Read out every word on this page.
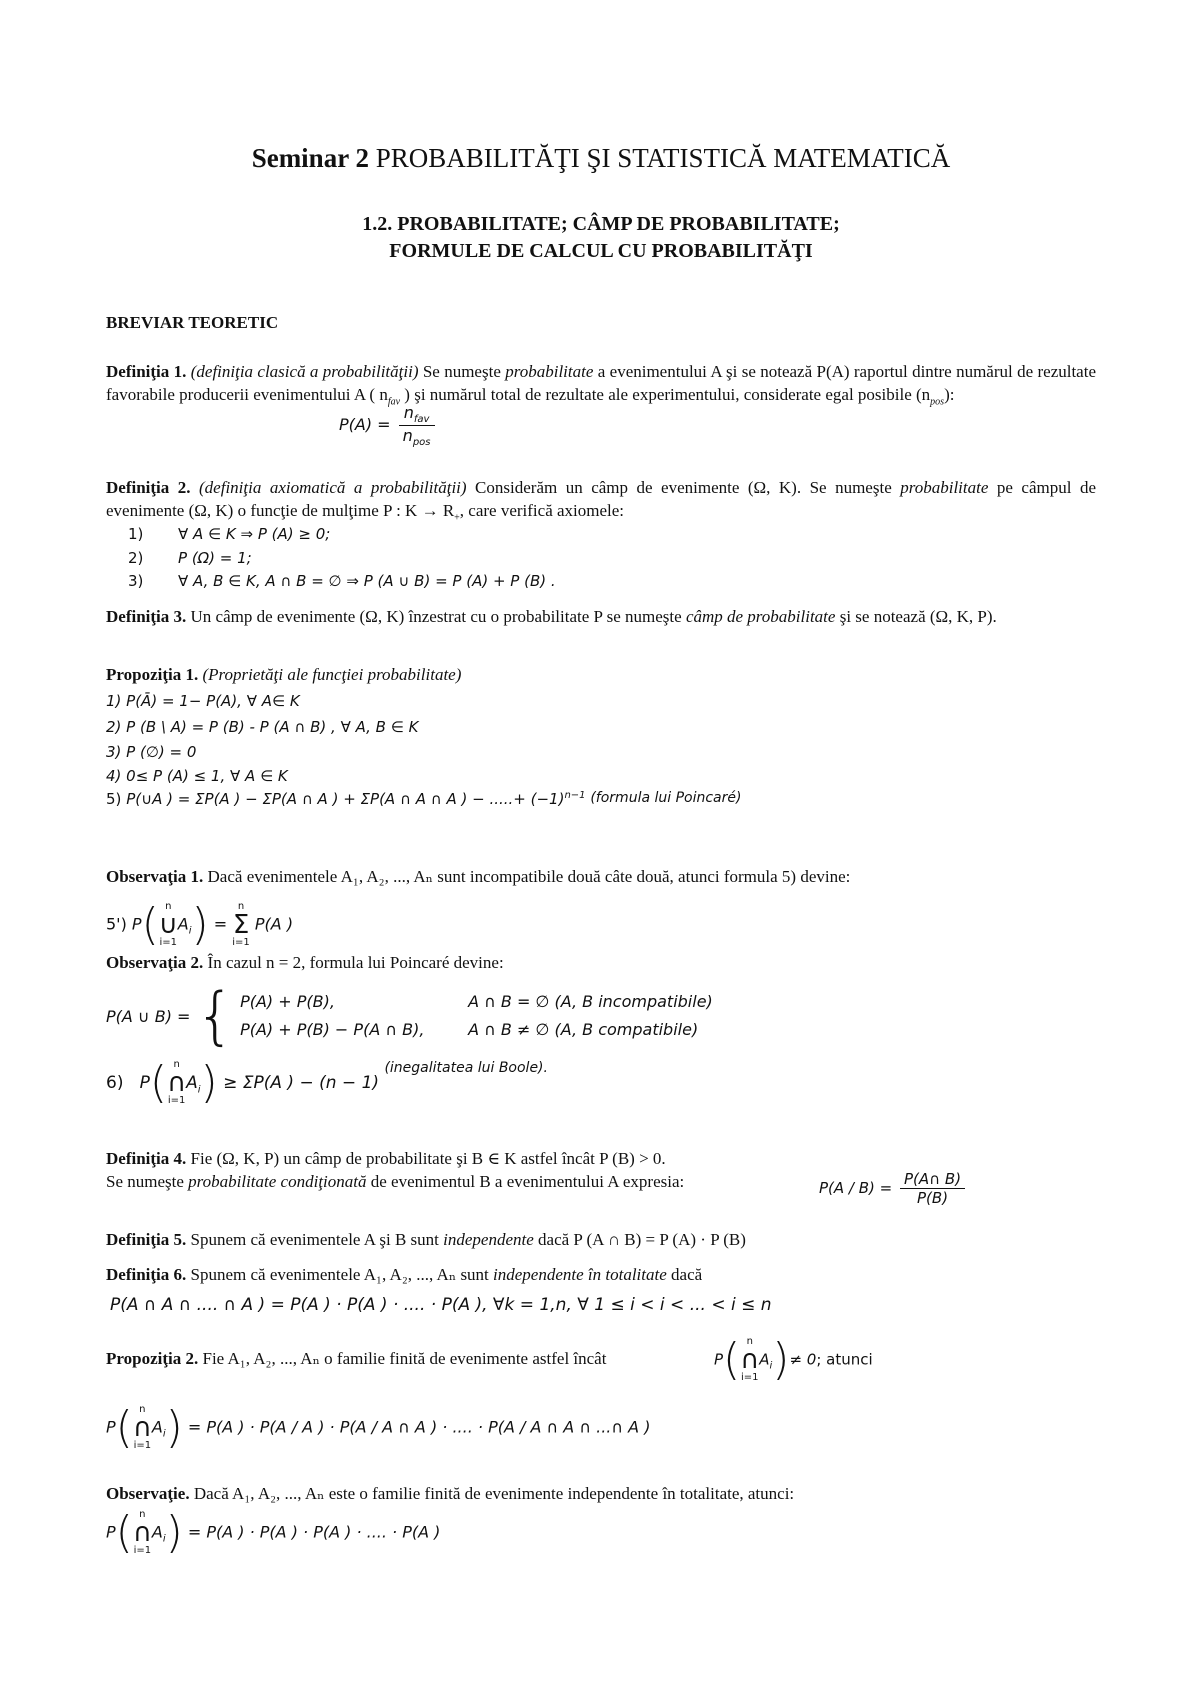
Seminar 2 PROBABILITĂŢI ŞI STATISTICĂ MATEMATICĂ
1.2. PROBABILITATE; CÂMP DE PROBABILITATE;
FORMULE DE CALCUL CU PROBABILITĂŢI
BREVIAR TEORETIC
Definiţia 1. (definiţia clasică a probabilităţii) Se numeşte probabilitate a evenimentului A şi se notează P(A) raportul dintre numărul de rezultate favorabile producerii evenimentului A ( $n_{fav}$ ) şi numărul total de rezultate ale experimentului, considerate egal posibile $(n_{pos})$:
$P(A) = \frac{n_{fav}}{n_{pos}}$
Definiţia 2. (definiţia axiomatică a probabilităţii) Considerăm un câmp de evenimente (Ω, K). Se numeşte probabilitate pe câmpul de evenimente (Ω, K) o funcţie de mulţime P : $K \to R_+$, care verifică axiomele:
1) ∀ A ∈ K ⇒ P (A) ≥ 0;
2) P (Ω) = 1;
3) ∀ A, B ∈ K, A ∩ B = ∅ ⇒ P (A ∪ B) = P (A) + P (B) .
Definiţia 3. Un câmp de evenimente (Ω, K) înzestrat cu o probabilitate P se numeşte câmp de probabilitate şi se notează (Ω, K, P).
Propoziţia 1. (Proprietăţi ale funcţiei probabilitate)
1) P(Ā) = 1− P(A), ∀ A∈ K
2) P (B \ A) = P (B) - P (A ∩ B) , ∀ A, B ∈ K
3) P (∅) = 0
4) 0≤ P (A) ≤ 1, ∀ A ∈ K
5) P(∪A ) = ΣP(A ) − ΣP(A ∩ A ) + ΣP(A ∩ A ∩ A ) − .....+ $(-1)^{n-1}$ (formula lui Poincaré)
Observaţia 1. Dacă evenimentele A₁, A₂, ..., Aₙ sunt incompatibile două câte două, atunci formula 5) devine:
5') P( n
∪
i=1
$A_i$) =
n
Σ
i=1
P(A )
Observaţia 2. În cazul n = 2, formula lui Poincaré devine:
P(A ∪ B) = { P(A) + P(B),	A ∩ B = ∅ (A, B incompatibile)
P(A) + P(B) − P(A ∩ B),	A ∩ B ≠ ∅ (A, B compatibile)
6)   P( n
∩
i=1
$A_i) \ge \Sigma P(A$ ) − (n − 1) $^{(inegalitatea lui Boole).}$
Definiţia 4. Fie (Ω, K, P) un câmp de probabilitate şi B ∈ K astfel încât P (B) > 0.
Se numeşte probabilitate condiţionată de evenimentul B a evenimentului A expresia:	$P(A / B) = \frac{P(A\cap B)}{P(B)}$
Definiţia 5. Spunem că evenimentele A şi B sunt independente dacă P (A ∩ B) = P (A) · P (B)
Definiţia 6. Spunem că evenimentele A₁, A₂, ..., Aₙ sunt independente în totalitate dacă
P(A ∩ A ∩ .... ∩ A ) = P(A ) · P(A ) · .... · P(A ), ∀k = 1,n, ∀ 1 ≤ i < i < ... < i ≤ n
Propoziţia 2. Fie A₁, A₂, ..., Aₙ o familie finită de evenimente astfel încât	P( n
∩
i=1
$A_i)\ne 0$; atunci
P( n
∩
i=1
$A_i) = P(A$ ) · P(A / A ) · P(A / A ∩ A ) · .... · P(A / A ∩ A ∩ ...∩ A )
Observaţie. Dacă A₁, A₂, ..., Aₙ este o familie finită de evenimente independente în totalitate, atunci:
P( n
∩
i=1
$A_i) = P(A$ ) · P(A ) · P(A ) · .... · P(A )
